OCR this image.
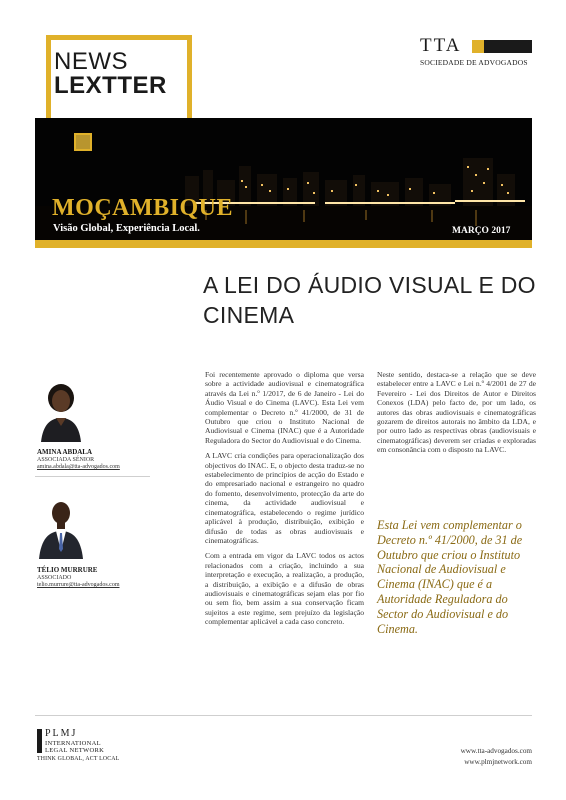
NEWS
LEXTTER
TTA
SOCIEDADE DE ADVOGADOS
MOÇAMBIQUE
Visão Global, Experiência Local.	MARÇO 2017
A LEI DO ÁUDIO VISUAL E DO CINEMA
AMINA ABDALA
ASSOCIADA SÉNIOR
amina.abdala@tta-advogados.com
TÉLIO MURRURE
ASSOCIADO
telio.murrure@tta-advogados.com

Foi recentemente aprovado o diploma que versa sobre a actividade audiovisual e cinematográfica através da Lei n.º 1/2017, de 6 de Janeiro - Lei do Áudio Visual e do Cinema (LAVC). Esta Lei vem complementar o Decreto n.º 41/2000, de 31 de Outubro que criou o Instituto Nacional de Audiovisual e Cinema (INAC) que é a Autoridade Reguladora do Sector do Audiovisual e do Cinema.

A LAVC cria condições para operacionalização dos objectivos do INAC. E, o objecto desta traduz-se no estabelecimento de princípios de acção do Estado e do empresariado nacional e estrangeiro no quadro do fomento, desenvolvimento, protecção da arte do cinema, da actividade audiovisual e cinematográfica, estabelecendo o regime jurídico aplicável à produção, distribuição, exibição e difusão de todas as obras audiovisuais e cinematográficas.

Com a entrada em vigor da LAVC todos os actos relacionados com a criação, incluindo a sua interpretação e execução, a realização, a produção, a distribuição, a exibição e a difusão de obras audiovisuais e cinematográficas sejam elas por fio ou sem fio, bem assim a sua conservação ficam sujeitos a este regime, sem prejuízo da legislação complementar aplicável a cada caso concreto.

Neste sentido, destaca-se a relação que se deve estabelecer entre a LAVC e Lei n.º 4/2001 de 27 de Fevereiro - Lei dos Direitos de Autor e Direitos Conexos (LDA) pelo facto de, por um lado, os autores das obras audiovisuais e cinematográficas gozarem de direitos autorais no âmbito da LDA, e por outro lado as respectivas obras (audiovisuais e cinematográficas) deverem ser criadas e exploradas em consonância com o disposto na LAVC.

Esta Lei vem complementar o Decreto n.º 41/2000, de 31 de Outubro que criou o Instituto Nacional de Audiovisual e Cinema (INAC) que é a Autoridade Reguladora do Sector do Audiovisual e do Cinema.
PLMJ
INTERNATIONAL
LEGAL NETWORK
THINK GLOBAL, ACT LOCAL
www.tta-advogados.com
www.plmjnetwork.com
